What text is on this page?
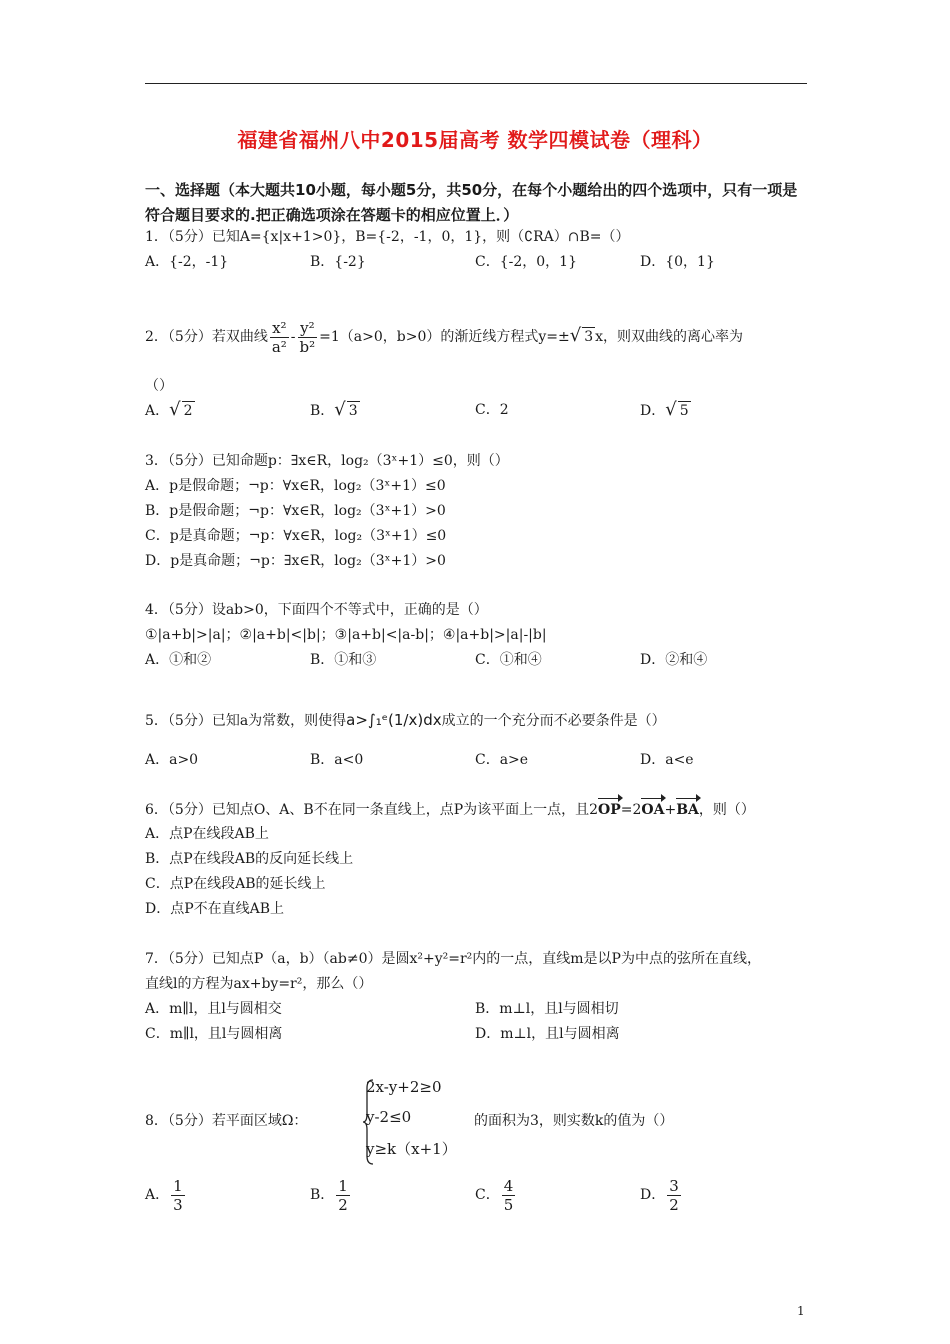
福建省福州八中2015届高考 数学四模试卷（理科）
一、选择题（本大题共10小题，每小题5分，共50分，在每个小题给出的四个选项中，只有一项是符合题目要求的.把正确选项涂在答题卡的相应位置上．）
1．（5分）已知A={x|x+1>0}，B={-2，-1，0，1}，则（∁RA）∩B=（）
A．{-2，-1}	B．{-2}	C．{-2，0，1}	D．{0，1}
2．（5分）若双曲线 $\frac{\text{x²}}{\text{a²}} - \frac{\text{y²}}{\text{b²}} =1(a>0$，b>0）的渐近线方程式y=±√ 3 x，则双曲线的离心率为
（）
A．√ 2	B．√ 3	C．2	D．√ 5
3．（5分）已知命题p：∃x∈R，log₂（3ˣ+1）≤0，则（）
A．p是假命题；¬p：∀x∈R，log₂（3ˣ+1）≤0
B．p是假命题；¬p：∀x∈R，log₂（3ˣ+1）>0
C．p是真命题；¬p：∀x∈R，log₂（3ˣ+1）≤0
D．p是真命题；¬p：∃x∈R，log₂（3ˣ+1）>0
4．（5分）设ab>0，下面四个不等式中，正确的是（）
①|a+b|>|a|；②|a+b|<|b|；③|a+b|<|a-b|；④|a+b|>|a|-|b|
A．①和②	B．①和③	C．①和④	D．②和④
5．（5分）已知a为常数，则使得a>∫₁ᵉ(1/x)dx成立的一个充分而不必要条件是（）
A．a>0	B．a<0	C．a>e	D．a<e
6．（5分）已知点O、A、B不在同一条直线上，点P为该平面上一点，且2OP=2OA+BA，则（）
A．点P在线段AB上
B．点P在线段AB的反向延长线上
C．点P在线段AB的延长线上
D．点P不在直线AB上
7．（5分）已知点P（a，b）（ab≠0）是圆x²+y²=r²内的一点，直线m是以P为中点的弦所在直线，
直线l的方程为ax+by=r²，那么（）
A．m∥l，且l与圆相交	B．m⊥l，且l与圆相切
C．m∥l，且l与圆相离	D．m⊥l，且l与圆相离
8．（5分）若平面区域Ω：
2x-y+2≥0
y-2≤0
y≥k（x+1）
的面积为3，则实数k的值为（）
A． $\frac{1}{3}$	B． $\frac{1}{2}$	C． $\frac{4}{5}$	D． $\frac{3}{2}$
1
